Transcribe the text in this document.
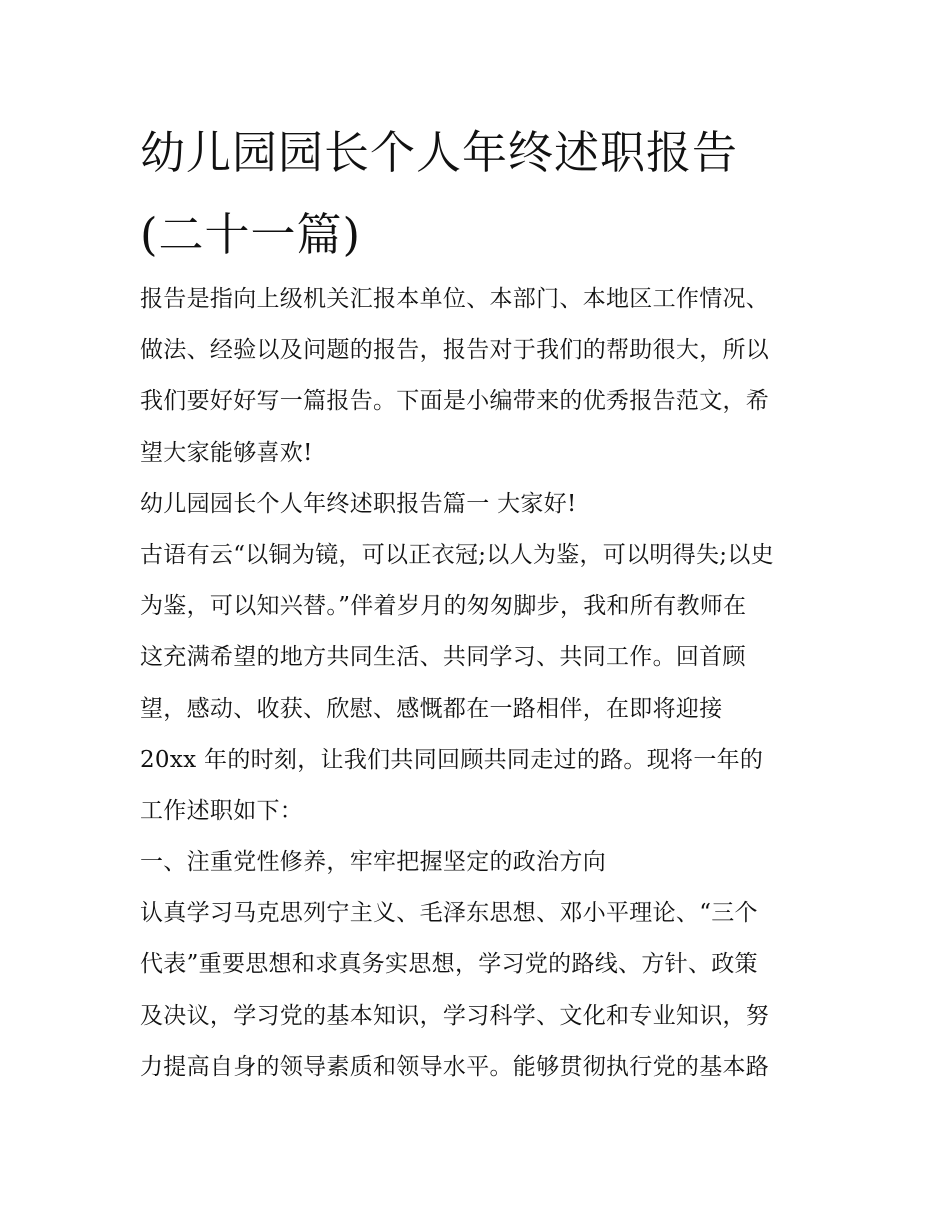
幼儿园园长个人年终述职报告
(二十一篇)
报告是指向上级机关汇报本单位、本部门、本地区工作情况、
做法、经验以及问题的报告，报告对于我们的帮助很大，所以
我们要好好写一篇报告。下面是小编带来的优秀报告范文，希
望大家能够喜欢!
幼儿园园长个人年终述职报告篇一 大家好!
古语有云“以铜为镜，可以正衣冠;以人为鉴，可以明得失;以史
为鉴，可以知兴替。”伴着岁月的匆匆脚步，我和所有教师在
这充满希望的地方共同生活、共同学习、共同工作。回首顾
望，感动、收获、欣慰、感慨都在一路相伴，在即将迎接
20xx 年的时刻，让我们共同回顾共同走过的路。现将一年的
工作述职如下：
一、注重党性修养，牢牢把握坚定的政治方向
认真学习马克思列宁主义、毛泽东思想、邓小平理论、“三个
代表”重要思想和求真务实思想，学习党的路线、方针、政策
及决议，学习党的基本知识，学习科学、文化和专业知识，努
力提高自身的领导素质和领导水平。能够贯彻执行党的基本路
